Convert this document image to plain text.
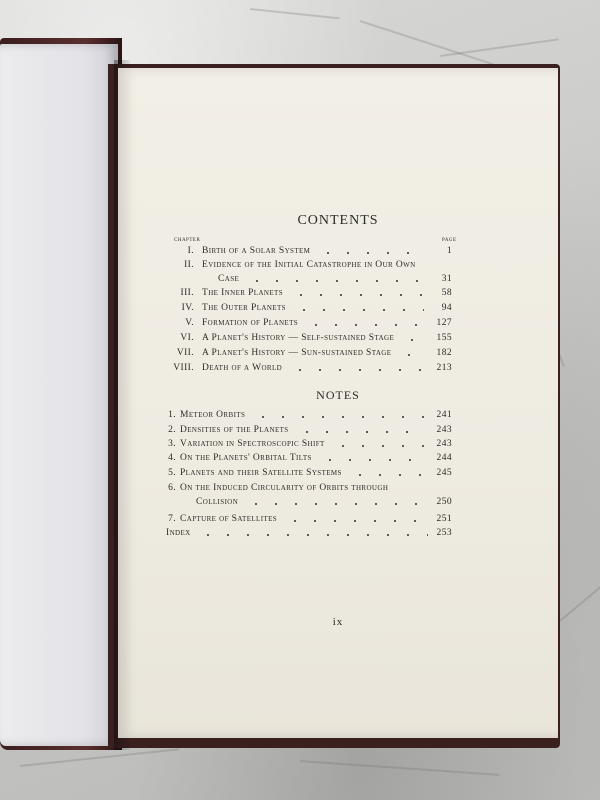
CONTENTS
CHAPTER	PAGE
I. Birth of a Solar System	1
II. Evidence of the Initial Catastrophe in Our Own
Case	31
III. The Inner Planets	58
IV. The Outer Planets	94
V. Formation of Planets	127
VI. A Planet's History — Self-sustained Stage	155
VII. A Planet's History — Sun-sustained Stage	182
VIII. Death of a World	213
NOTES
1. Meteor Orbits	241
2. Densities of the Planets	243
3. Variation in Spectroscopic Shift	243
4. On the Planets' Orbital Tilts	244
5. Planets and their Satellite Systems	245
6. On the Induced Circularity of Orbits through
Collision	250
7. Capture of Satellites	251
Index	253
ix
